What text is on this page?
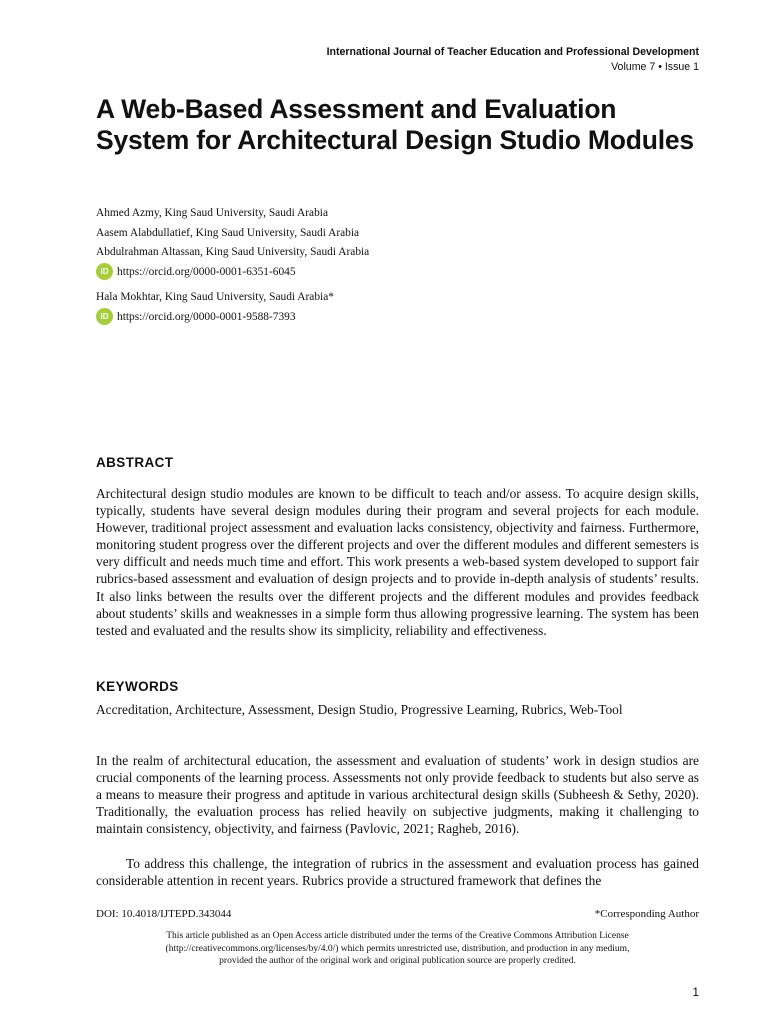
International Journal of Teacher Education and Professional Development
Volume 7 • Issue 1
A Web-Based Assessment and Evaluation System for Architectural Design Studio Modules
Ahmed Azmy, King Saud University, Saudi Arabia
Aasem Alabdullatief, King Saud University, Saudi Arabia
Abdulrahman Altassan, King Saud University, Saudi Arabia
iD https://orcid.org/0000-0001-6351-6045
Hala Mokhtar, King Saud University, Saudi Arabia*
iD https://orcid.org/0000-0001-9588-7393
ABSTRACT

Architectural design studio modules are known to be difficult to teach and/or assess. To acquire design skills, typically, students have several design modules during their program and several projects for each module. However, traditional project assessment and evaluation lacks consistency, objectivity and fairness. Furthermore, monitoring student progress over the different projects and over the different modules and different semesters is very difficult and needs much time and effort. This work presents a web-based system developed to support fair rubrics-based assessment and evaluation of design projects and to provide in-depth analysis of students’ results. It also links between the results over the different projects and the different modules and provides feedback about students’ skills and weaknesses in a simple form thus allowing progressive learning. The system has been tested and evaluated and the results show its simplicity, reliability and effectiveness.

KEYWORDS

Accreditation, Architecture, Assessment, Design Studio, Progressive Learning, Rubrics, Web-Tool

In the realm of architectural education, the assessment and evaluation of students’ work in design studios are crucial components of the learning process. Assessments not only provide feedback to students but also serve as a means to measure their progress and aptitude in various architectural design skills (Subheesh & Sethy, 2020). Traditionally, the evaluation process has relied heavily on subjective judgments, making it challenging to maintain consistency, objectivity, and fairness (Pavlovic, 2021; Ragheb, 2016).

To address this challenge, the integration of rubrics in the assessment and evaluation process has gained considerable attention in recent years. Rubrics provide a structured framework that defines the

DOI: 10.4018/IJTEPD.343044	*Corresponding Author
This article published as an Open Access article distributed under the terms of the Creative Commons Attribution License
(http://creativecommons.org/licenses/by/4.0/) which permits unrestricted use, distribution, and production in any medium,
provided the author of the original work and original publication source are properly credited.
1
